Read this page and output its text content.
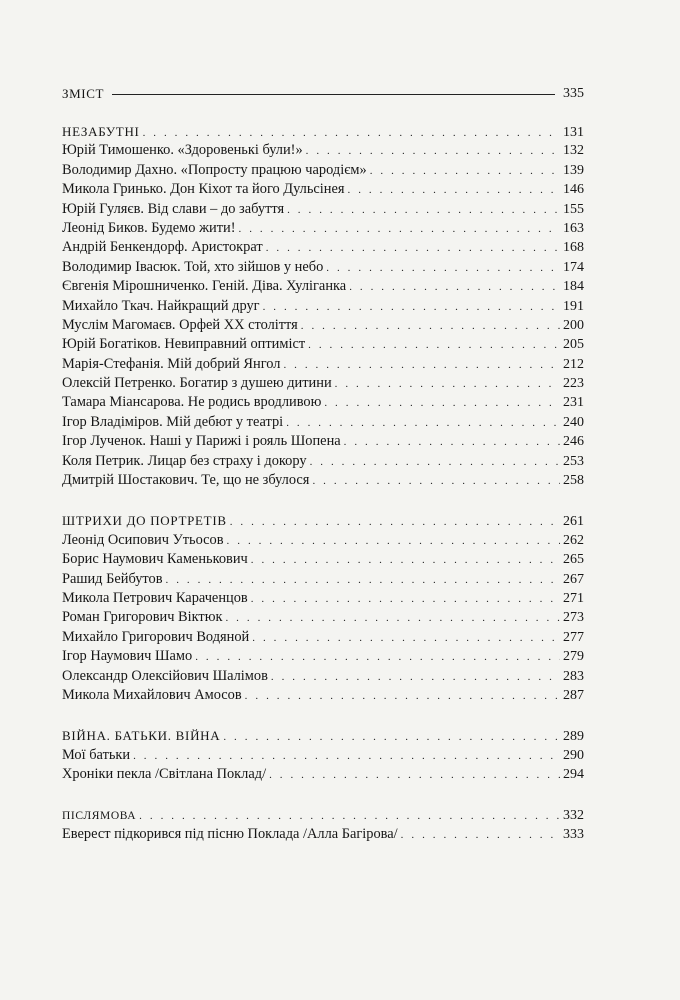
ЗМІСТ	335
НЕЗАБУТНІ . . .	131
Юрій Тимошенко. «Здоровенькі були!» . . .	132
Володимир Дахно. «Попросту працюю чародієм» . . .	139
Микола Гринько. Дон Кіхот та його Дульсінея . . .	146
Юрій Гуляєв. Від слави – до забуття . . .	155
Леонід Биков. Будемо жити! . . .	163
Андрій Бенкендорф. Аристократ . . .	168
Володимир Івасюк. Той, хто зійшов у небо . . .	174
Євгенія Мірошниченко. Геній. Діва. Хуліганка . . .	184
Михайло Ткач. Найкращий друг . . .	191
Муслім Магомаєв. Орфей XX століття . . .	200
Юрій Богатіков. Невиправний оптиміст . . .	205
Марія-Стефанія. Мій добрий Янгол . . .	212
Олексій Петренко. Богатир з душею дитини . . .	223
Тамара Міансарова. Не родись вродливою . . .	231
Ігор Владіміров. Мій дебют у театрі . . .	240
Ігор Лученок. Наші у Парижі і рояль Шопена . . .	246
Коля Петрик. Лицар без страху і докору . . .	253
Дмитрій Шостакович. Те, що не збулося . . .	258
ШТРИХИ ДО ПОРТРЕТІВ . . .	261
Леонід Осипович Утьосов . . .	262
Борис Наумович Каменькович . . .	265
Рашид Бейбутов . . .	267
Микола Петрович Караченцов . . .	271
Роман Григорович Віктюк . . .	273
Михайло Григорович Водяной . . .	277
Ігор Наумович Шамо . . .	279
Олександр Олексійович Шалімов . . .	283
Микола Михайлович Амосов . . .	287
ВІЙНА. БАТЬКИ. ВІЙНА . . .	289
Мої батьки . . .	290
Хроніки пекла /Світлана Поклад/ . . .	294
ПІСЛЯМОВА . . .	332
Еверест підкорився під пісню Поклада /Алла Багірова/ . . .	333
